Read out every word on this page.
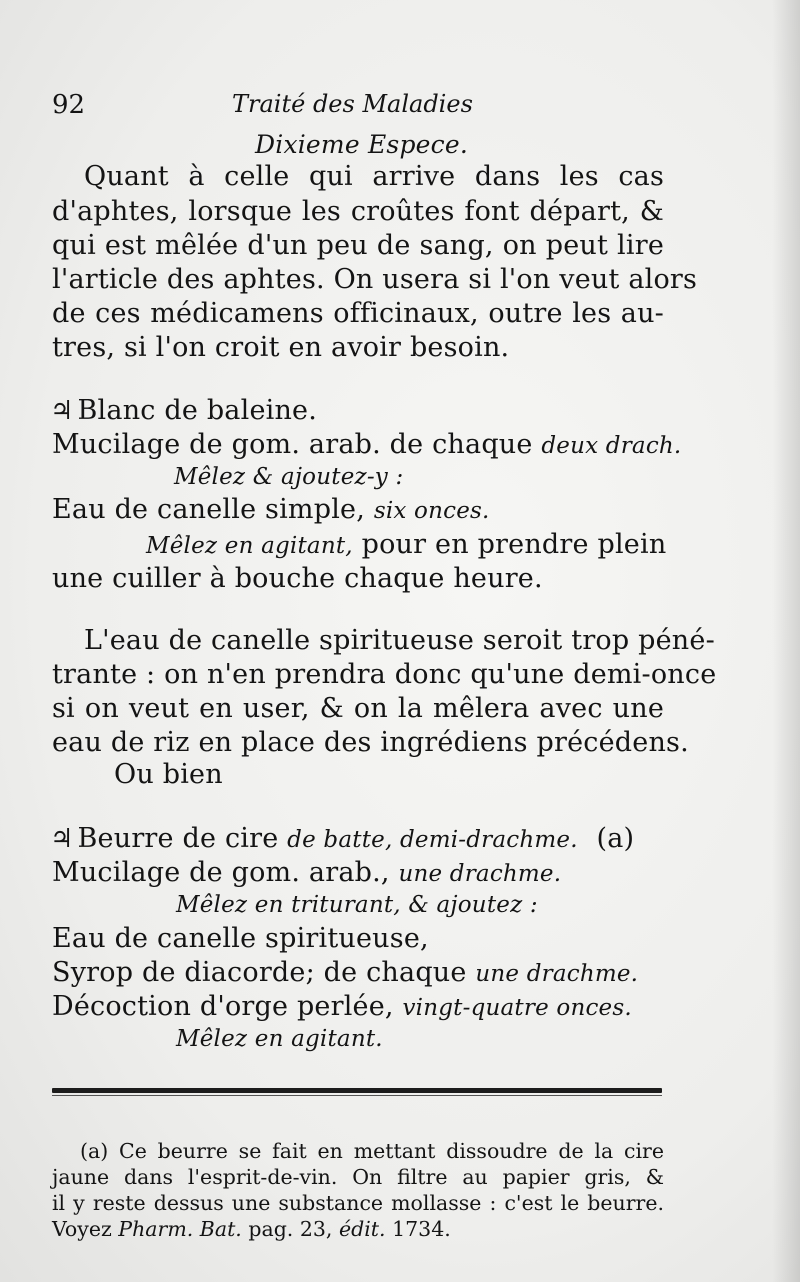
92	Traité des Maladies
Dixieme Espece.
Quant à celle qui arrive dans les cas
d'aphtes, lorsque les croûtes font départ, &
qui est mêlée d'un peu de sang, on peut lire
l'article des aphtes. On usera si l'on veut alors
de ces médicamens officinaux, outre les au-
tres, si l'on croit en avoir besoin.
♃ Blanc de baleine.
Mucilage de gom. arab. de chaque deux drach.
Mêlez & ajoutez-y :
Eau de canelle simple, six onces.
Mêlez en agitant, pour en prendre plein
une cuiller à bouche chaque heure.
L'eau de canelle spiritueuse seroit trop péné-
trante : on n'en prendra donc qu'une demi-once
si on veut en user, & on la mêlera avec une
eau de riz en place des ingrédiens précédens.
Ou bien
♃ Beurre de cire de batte, demi-drachme. (a)
Mucilage de gom. arab., une drachme.
Mêlez en triturant, & ajoutez :
Eau de canelle spiritueuse,
Syrop de diacorde; de chaque une drachme.
Décoction d'orge perlée, vingt-quatre onces.
Mêlez en agitant.
(a) Ce beurre se fait en mettant dissoudre de la cire
jaune dans l'esprit-de-vin. On filtre au papier gris, &
il y reste dessus une substance mollasse : c'est le beurre.
Voyez Pharm. Bat. pag. 23, édit. 1734.
